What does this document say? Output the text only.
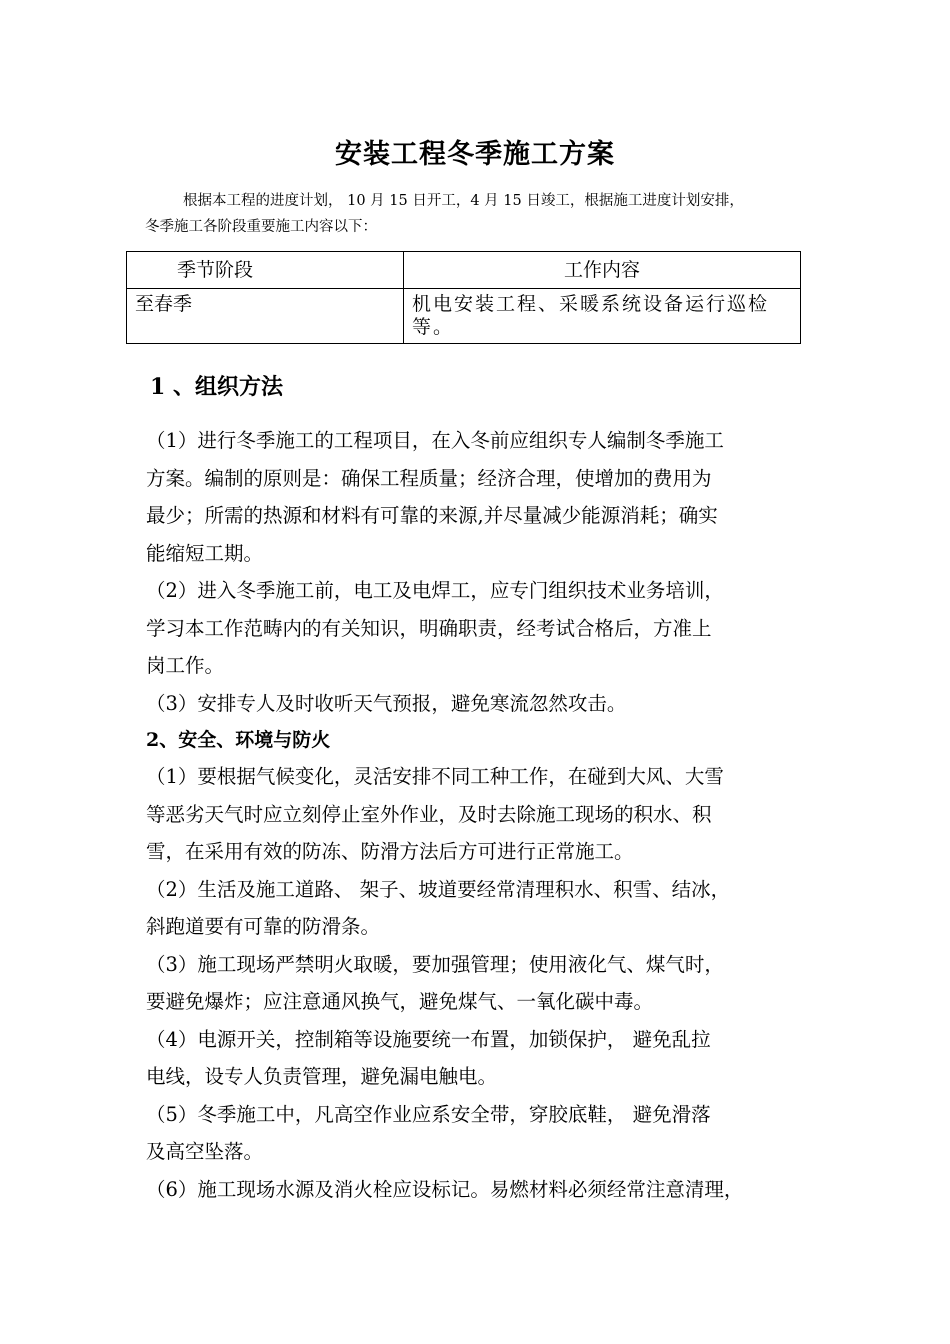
安装工程冬季施工方案
根据本工程的进度计划， 10 月 15 日开工，4 月 15 日竣工，根据施工进度计划安排，
冬季施工各阶段重要施工内容以下：
季节阶段	工作内容
至春季	机电安装工程、采暖系统设备运行巡检
等。
1 、组织方法
（1）进行冬季施工的工程项目，在入冬前应组织专人编制冬季施工
方案。编制的原则是：确保工程质量；经济合理，使增加的费用为
最少；所需的热源和材料有可靠的来源,并尽量减少能源消耗；确实
能缩短工期。
（2）进入冬季施工前，电工及电焊工，应专门组织技术业务培训，
学习本工作范畴内的有关知识，明确职责，经考试合格后，方准上
岗工作。
（3）安排专人及时收听天气预报，避免寒流忽然攻击。
2、安全、环境与防火
（1）要根据气候变化，灵活安排不同工种工作，在碰到大风、大雪
等恶劣天气时应立刻停止室外作业，及时去除施工现场的积水、积
雪，在采用有效的防冻、防滑方法后方可进行正常施工。
（2）生活及施工道路、 架子、坡道要经常清理积水、积雪、结冰，
斜跑道要有可靠的防滑条。
（3）施工现场严禁明火取暖，要加强管理；使用液化气、煤气时，
要避免爆炸；应注意通风换气，避免煤气、一氧化碳中毒。
（4）电源开关，控制箱等设施要统一布置，加锁保护， 避免乱拉
电线，设专人负责管理，避免漏电触电。
（5）冬季施工中，凡高空作业应系安全带，穿胶底鞋， 避免滑落
及高空坠落。
（6）施工现场水源及消火栓应设标记。易燃材料必须经常注意清理，
